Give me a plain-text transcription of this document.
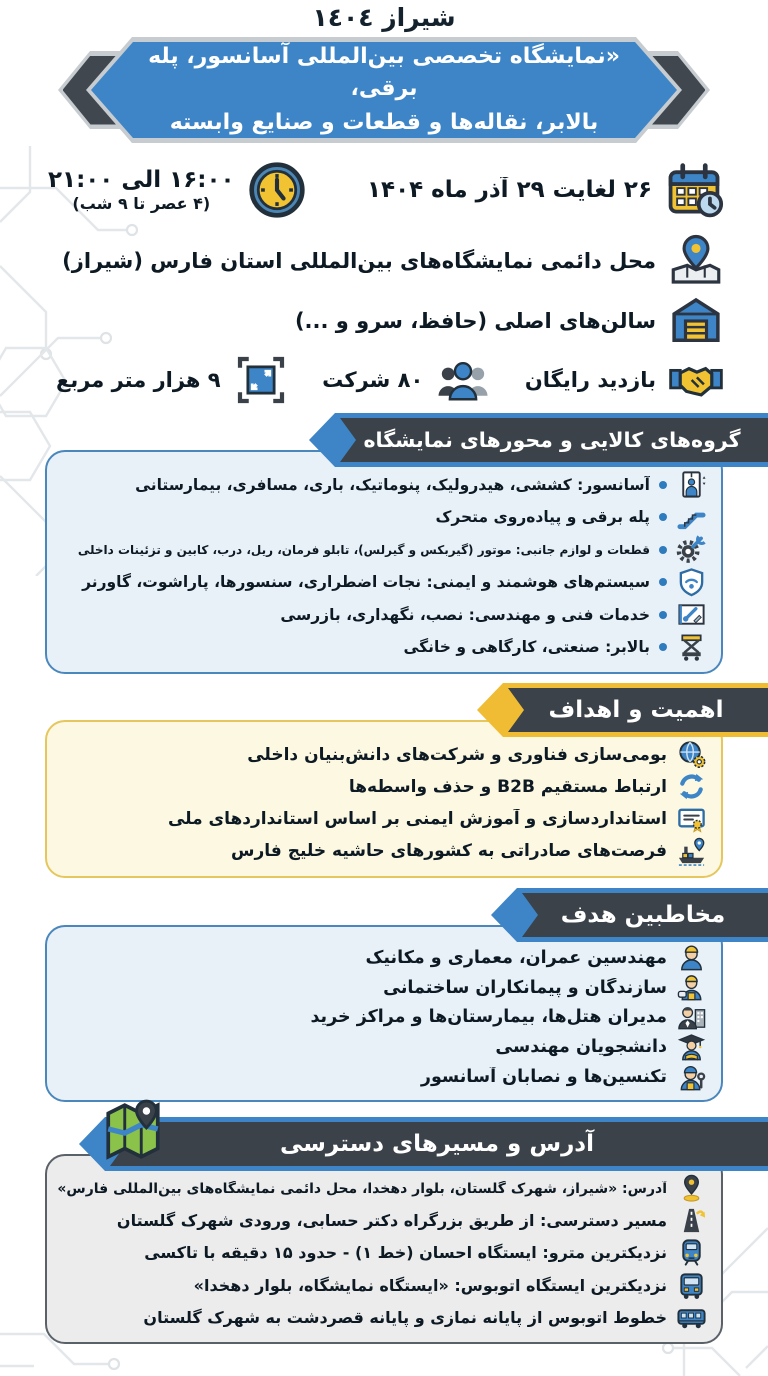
شیراز ١٤٠٤
«نمایشگاه تخصصی بین‌المللی آسانسور، پله برقی،
بالابر، نقاله‌ها و قطعات و صنایع وابسته
۲۶ لغایت ۲۹ آذر ماه ۱۴۰۴
۱۶:۰۰ الی ۲۱:۰۰
(۴ عصر تا ۹ شب)
محل دائمی نمایشگاه‌های بین‌المللی استان فارس (شیراز)
سالن‌های اصلی (حافظ، سرو و ...)
بازدید رایگان
۸۰ شرکت
۹ هزار متر مربع
گروه‌های کالایی و محورهای نمایشگاه
آسانسور: کششی، هیدرولیک، پنوماتیک، باری، مسافری، بیمارستانی
پله برقی و پیاده‌روی متحرک
قطعات و لوازم جانبی: موتور (گیربکس و گیرلس)، تابلو فرمان، ریل، درب، کابین و تزئینات داخلی
سیستم‌های هوشمند و ایمنی: نجات اضطراری، سنسورها، پاراشوت، گاورنر
خدمات فنی و مهندسی: نصب، نگهداری، بازرسی
بالابر: صنعتی، کارگاهی و خانگی
اهمیت و اهداف
بومی‌سازی فناوری و شرکت‌های دانش‌بنیان داخلی
ارتباط مستقیم B2B و حذف واسطه‌ها
استانداردسازی و آموزش ایمنی بر اساس استانداردهای ملی
فرصت‌های صادراتی به کشورهای حاشیه خلیج فارس
مخاطبین هدف
مهندسین عمران، معماری و مکانیک
سازندگان و پیمانکاران ساختمانی
مدیران هتل‌ها، بیمارستان‌ها و مراکز خرید
دانشجویان مهندسی
تکنسین‌ها و نصابان آسانسور
آدرس و مسیرهای دسترسی
آدرس: «شیراز، شهرک گلستان، بلوار دهخدا، محل دائمی نمایشگاه‌های بین‌المللی فارس»
مسیر دسترسی: از طریق بزرگراه دکتر حسابی، ورودی شهرک گلستان
نزدیکترین مترو: ایستگاه احسان (خط ۱) - حدود ۱۵ دقیقه با تاکسی
نزدیکترین ایستگاه اتوبوس: «ایستگاه نمایشگاه، بلوار دهخدا»
خطوط اتوبوس از پایانه نمازی و پایانه قصردشت به شهرک گلستان
